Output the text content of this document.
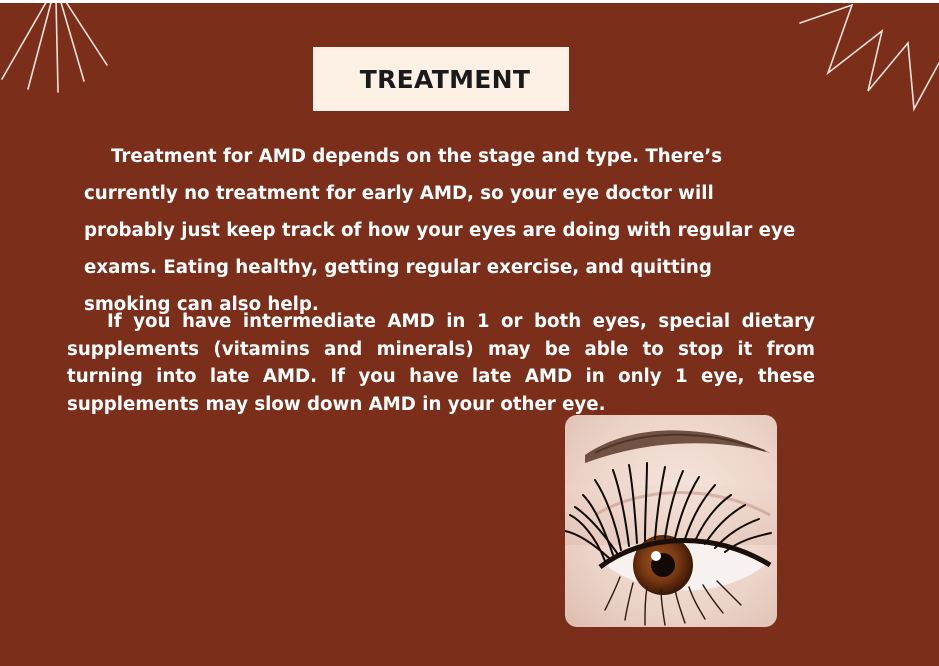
TREATMENT

Treatment for AMD depends on the stage and type. There’s currently no treatment for early AMD, so your eye doctor will probably just keep track of how your eyes are doing with regular eye exams. Eating healthy, getting regular exercise, and quitting smoking can also help.

If you have intermediate AMD in 1 or both eyes, special dietary supplements (vitamins and minerals) may be able to stop it from turning into late AMD. If you have late AMD in only 1 eye, these supplements may slow down AMD in your other eye.
